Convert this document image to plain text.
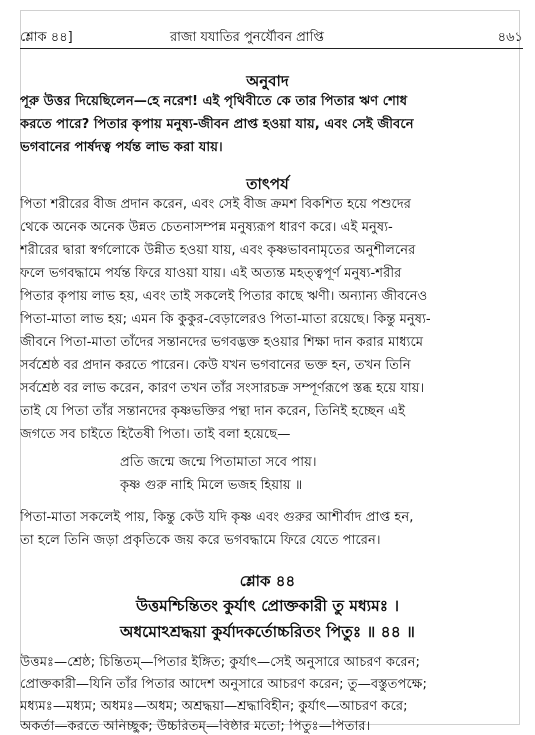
শ্লোক ৪৪]	রাজা যযাতির পুনর্যৌবন প্রাপ্তি	৪৬১
অনুবাদ
পূরু উত্তর দিয়েছিলেন—হে নরেশ! এই পৃথিবীতে কে তার পিতার ঋণ শোধ
করতে পারে? পিতার কৃপায় মনুষ্য-জীবন প্রাপ্ত হওয়া যায়, এবং সেই জীবনে
ভগবানের পার্ষদত্ব পর্যন্ত লাভ করা যায়।
তাৎপর্য
পিতা শরীরের বীজ প্রদান করেন, এবং সেই বীজ ক্রমশ বিকশিত হয়ে পশুদের
থেকে অনেক অনেক উন্নত চেতনাসম্পন্ন মনুষ্যরূপ ধারণ করে। এই মনুষ্য-
শরীরের দ্বারা স্বর্গলোকে উন্নীত হওয়া যায়, এবং কৃষ্ণভাবনামৃতের অনুশীলনের
ফলে ভগবদ্ধামে পর্যন্ত ফিরে যাওয়া যায়। এই অত্যন্ত মহত্ত্বপূর্ণ মনুষ্য-শরীর
পিতার কৃপায় লাভ হয়, এবং তাই সকলেই পিতার কাছে ঋণী। অন্যান্য জীবনেও
পিতা-মাতা লাভ হয়; এমন কি কুকুর-বেড়ালেরও পিতা-মাতা রয়েছে। কিন্তু মনুষ্য-
জীবনে পিতা-মাতা তাঁদের সন্তানদের ভগবদ্ভক্ত হওয়ার শিক্ষা দান করার মাধ্যমে
সর্বশ্রেষ্ঠ বর প্রদান করতে পারেন। কেউ যখন ভগবানের ভক্ত হন, তখন তিনি
সর্বশ্রেষ্ঠ বর লাভ করেন, কারণ তখন তাঁর সংসারচক্র সম্পূর্ণরূপে স্তব্ধ হয়ে যায়।
তাই যে পিতা তাঁর সন্তানদের কৃষ্ণভক্তির পন্থা দান করেন, তিনিই হচ্ছেন এই
জগতে সব চাইতে হিতৈষী পিতা। তাই বলা হয়েছে—
প্রতি জন্মে জন্মে পিতামাতা সবে পায়।
কৃষ্ণ গুরু নাহি মিলে ভজহ হিয়ায় ॥
পিতা-মাতা সকলেই পায়, কিন্তু কেউ যদি কৃষ্ণ এবং গুরুর আশীর্বাদ প্রাপ্ত হন,
তা হলে তিনি জড়া প্রকৃতিকে জয় করে ভগবদ্ধামে ফিরে যেতে পারেন।
শ্লোক ৪৪
উত্তমশ্চিন্তিতং কুর্যাৎ প্রোক্তকারী তু মধ্যমঃ ।
অধমোঽশ্রদ্ধয়া কুর্যাদকর্তোচ্চরিতং পিতুঃ ॥ ৪৪ ॥
উত্তমঃ—শ্রেষ্ঠ; চিন্তিতম্—পিতার ইঙ্গিত; কুর্যাৎ—সেই অনুসারে আচরণ করেন;
প্রোক্তকারী—যিনি তাঁর পিতার আদেশ অনুসারে আচরণ করেন; তু—বস্তুতপক্ষে;
মধ্যমঃ—মধ্যম; অধমঃ—অধম; অশ্রদ্ধয়া—শ্রদ্ধাবিহীন; কুর্যাৎ—আচরণ করে;
অকর্তা—করতে অনিচ্ছুক; উচ্চরিতম্—বিষ্ঠার মতো; পিতুঃ—পিতার।
